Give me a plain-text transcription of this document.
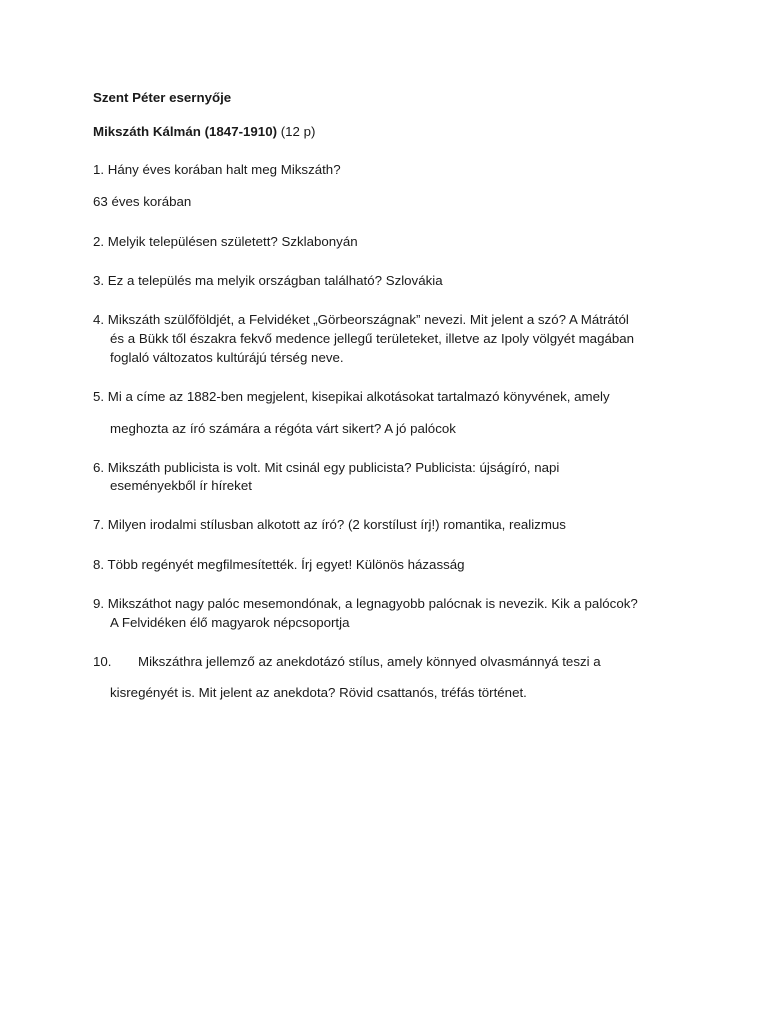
Szent Péter esernyője
Mikszáth Kálmán (1847-1910) (12 p)
1. Hány éves korában halt meg Mikszáth?
63 éves korában
2. Melyik településen született? Szklabonyán
3. Ez a település ma melyik országban található? Szlovákia
4. Mikszáth szülőföldjét, a Felvidéket „Görbeországnak” nevezi. Mit jelent a szó? A Mátrától
és a Bükk től északra fekvő medence jellegű területeket, illetve az Ipoly völgyét magában
foglaló változatos kultúrájú térség neve.
5. Mi a címe az 1882-ben megjelent, kisepikai alkotásokat tartalmazó könyvének, amely
meghozta az író számára a régóta várt sikert? A jó palócok
6. Mikszáth publicista is volt. Mit csinál egy publicista? Publicista: újságíró, napi
eseményekből ír híreket
7. Milyen irodalmi stílusban alkotott az író? (2 korstílust írj!) romantika, realizmus
8. Több regényét megfilmesítették. Írj egyet! Különös házasság
9. Mikszáthot nagy palóc mesemondónak, a legnagyobb palócnak is nevezik. Kik a palócok?
A Felvidéken élő magyarok népcsoportja
10. Mikszáthra jellemző az anekdotázó stílus, amely könnyed olvasmánnyá teszi a
kisregényét is. Mit jelent az anekdota? Rövid csattanós, tréfás történet.
